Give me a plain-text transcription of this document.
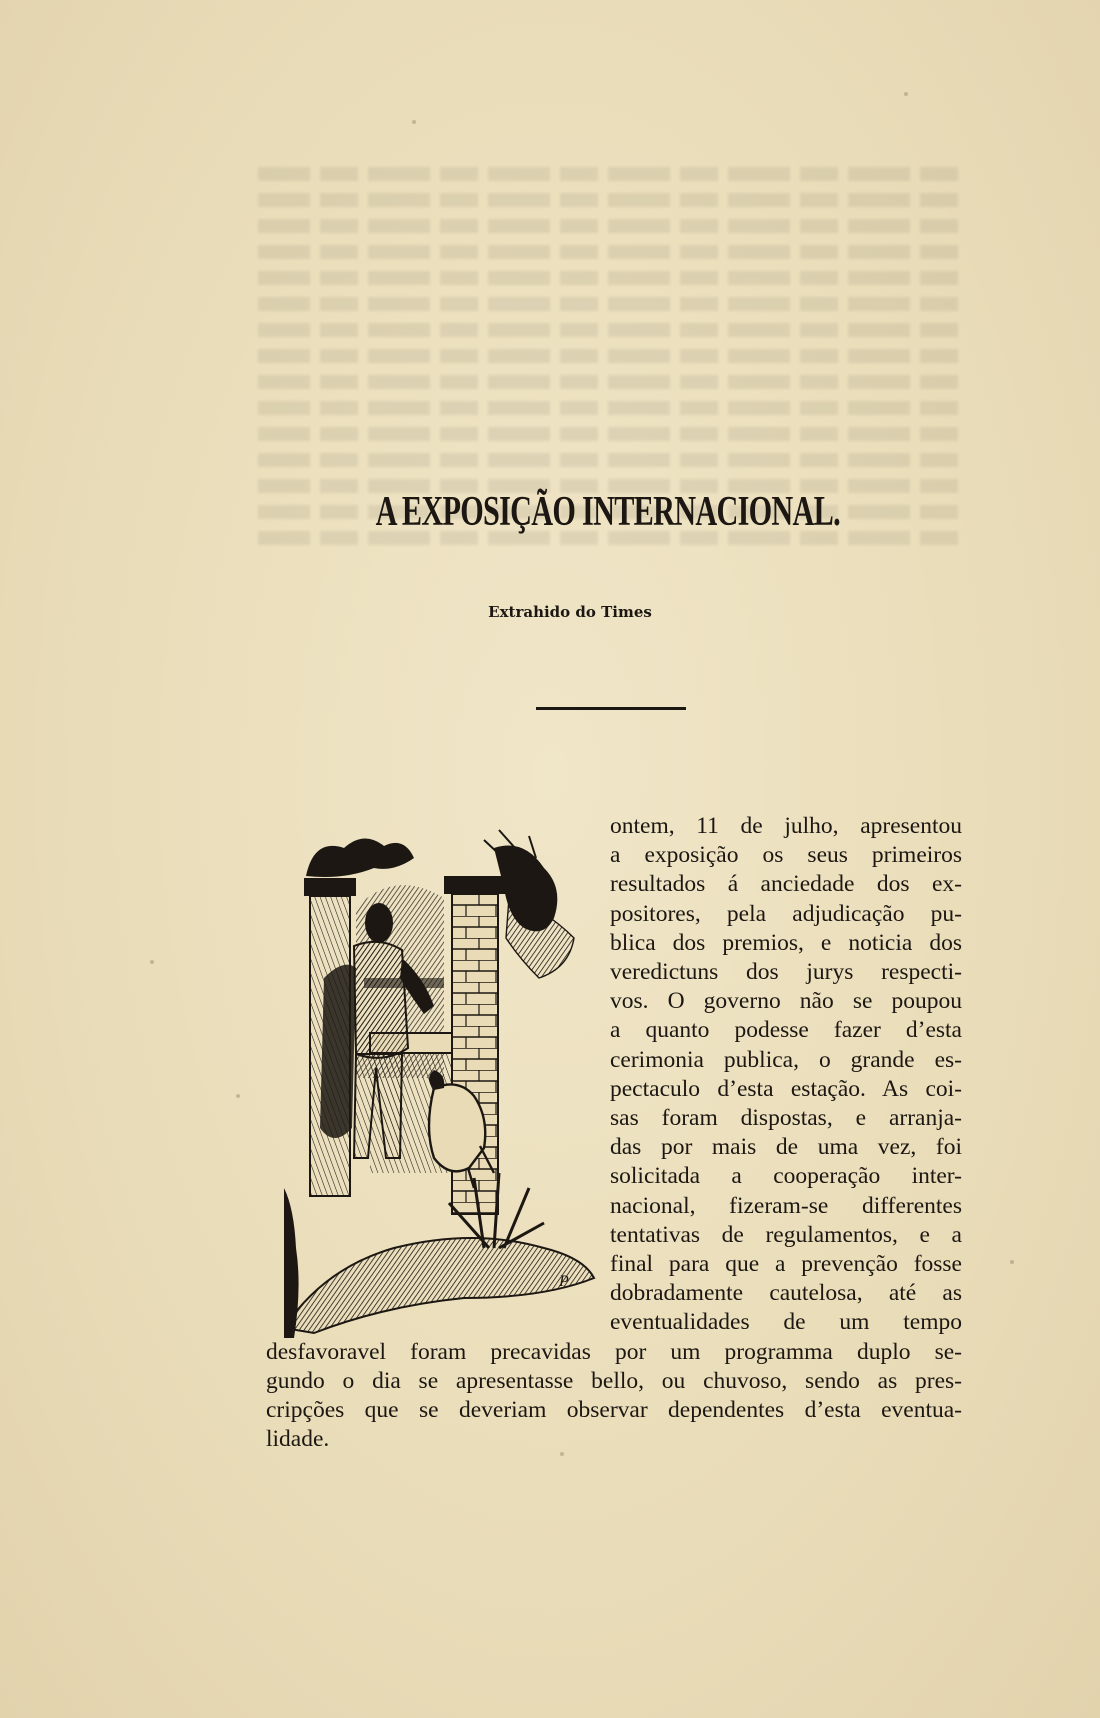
A EXPOSIÇÃO INTERNACIONAL.

Extrahido do Times

P
ontem, 11 de julho, apresentou
a exposição os seus primeiros
resultados á anciedade dos ex-
positores, pela adjudicação pu-
blica dos premios, e noticia dos
veredictuns dos jurys respecti-
vos. O governo não se poupou
a quanto podesse fazer d’esta
cerimonia publica, o grande es-
pectaculo d’esta estação. As coi-
sas foram dispostas, e arranja-
das por mais de uma vez, foi
solicitada a cooperação inter-
nacional, fizeram-se differentes
tentativas de regulamentos, e a
final para que a prevenção fosse
dobradamente cautelosa, até as
eventualidades de um tempo
desfavoravel foram precavidas por um programma duplo se-
gundo o dia se apresentasse bello, ou chuvoso, sendo as pres-
cripções que se deveriam observar dependentes d’esta eventua-
lidade.
